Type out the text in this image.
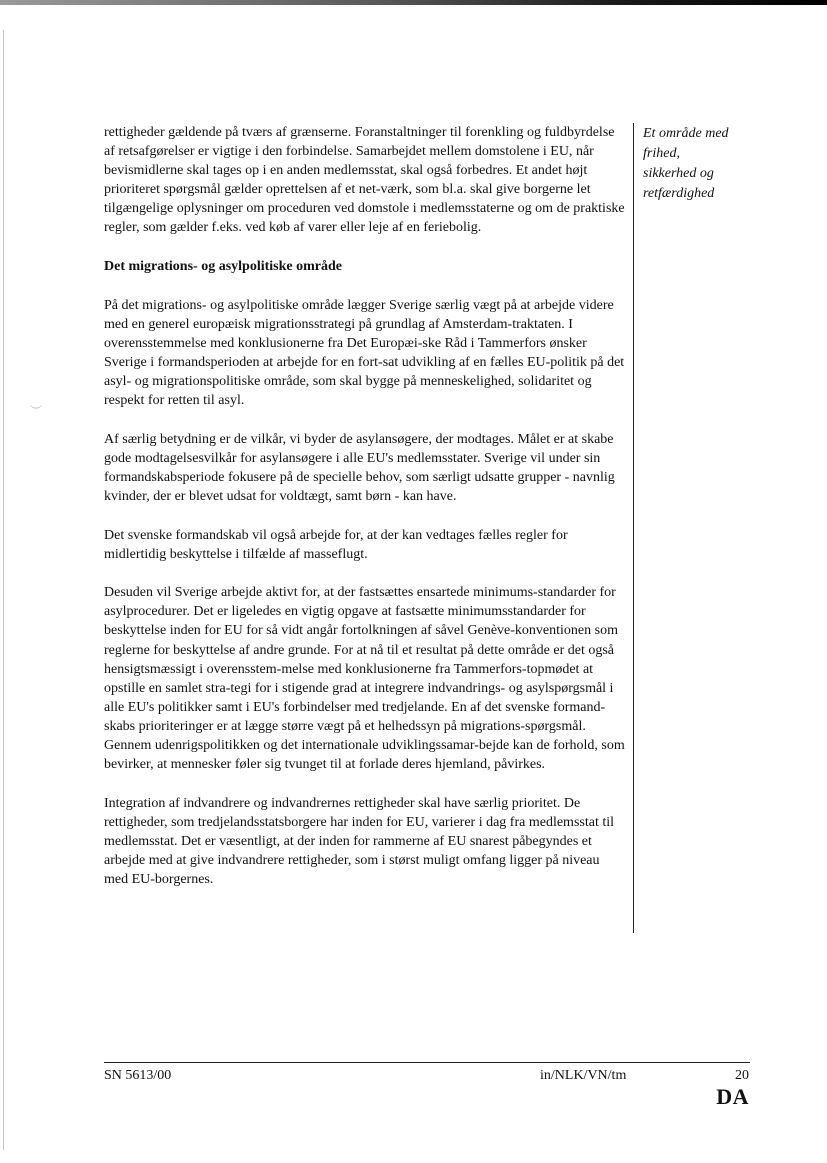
︶

rettigheder gældende på tværs af grænserne. Foranstaltninger til forenkling og fuldbyrdelse af retsafgørelser er vigtige i den forbindelse. Samarbejdet mellem domstolene i EU, når bevismidlerne skal tages op i en anden medlemsstat, skal også forbedres. Et andet højt prioriteret spørgsmål gælder oprettelsen af et net-værk, som bl.a. skal give borgerne let tilgængelige oplysninger om proceduren ved domstole i medlemsstaterne og om de praktiske regler, som gælder f.eks. ved køb af varer eller leje af en feriebolig.

Det migrations- og asylpolitiske område

På det migrations- og asylpolitiske område lægger Sverige særlig vægt på at arbejde videre med en generel europæisk migrationsstrategi på grundlag af Amsterdam-traktaten. I overensstemmelse med konklusionerne fra Det Europæi-ske Råd i Tammerfors ønsker Sverige i formandsperioden at arbejde for en fort-sat udvikling af en fælles EU-politik på det asyl- og migrationspolitiske område, som skal bygge på menneskelighed, solidaritet og respekt for retten til asyl.

Af særlig betydning er de vilkår, vi byder de asylansøgere, der modtages. Målet er at skabe gode modtagelsesvilkår for asylansøgere i alle EU's medlemsstater. Sverige vil under sin formandskabsperiode fokusere på de specielle behov, som særligt udsatte grupper - navnlig kvinder, der er blevet udsat for voldtægt, samt børn - kan have.

Det svenske formandskab vil også arbejde for, at der kan vedtages fælles regler for midlertidig beskyttelse i tilfælde af masseflugt.

Desuden vil Sverige arbejde aktivt for, at der fastsættes ensartede minimums-standarder for asylprocedurer. Det er ligeledes en vigtig opgave at fastsætte minimumsstandarder for beskyttelse inden for EU for så vidt angår fortolkningen af såvel Genève-konventionen som reglerne for beskyttelse af andre grunde. For at nå til et resultat på dette område er det også hensigtsmæssigt i overensstem-melse med konklusionerne fra Tammerfors-topmødet at opstille en samlet stra-tegi for i stigende grad at integrere indvandrings- og asylspørgsmål i alle EU's politikker samt i EU's forbindelser med tredjelande. En af det svenske formand-skabs prioriteringer er at lægge større vægt på et helhedssyn på migrations-spørgsmål. Gennem udenrigspolitikken og det internationale udviklingssamar-bejde kan de forhold, som bevirker, at mennesker føler sig tvunget til at forlade deres hjemland, påvirkes.

Integration af indvandrere og indvandrernes rettigheder skal have særlig prioritet. De rettigheder, som tredjelandsstatsborgere har inden for EU, varierer i dag fra medlemsstat til medlemsstat. Det er væsentligt, at der inden for rammerne af EU snarest påbegyndes et arbejde med at give indvandrere rettigheder, som i størst muligt omfang ligger på niveau med EU-borgernes.

Et område med
frihed,
sikkerhed og
retfærdighed
SN 5613/00	in/NLK/VN/tm	20
DA
